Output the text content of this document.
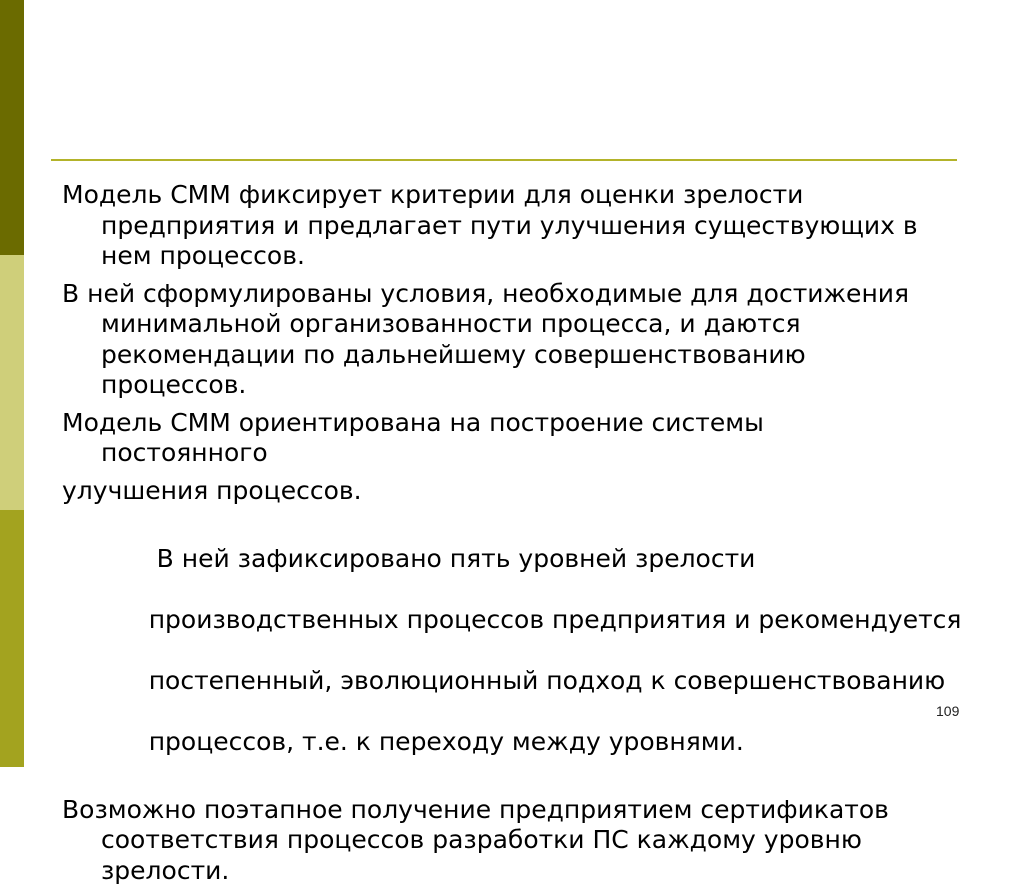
Модель СММ фиксирует критерии для оценки зрелости
предприятия и предлагает пути улучшения существующих в
нем процессов.

В ней сформулированы условия, необходимые для достижения
минимальной организованности процесса, и даются
рекомендации по дальнейшему совершенствованию
процессов.

Модель СММ ориентирована на построение системы
постоянного

улучшения процессов.

В ней зафиксировано пять уровней зрелости

производственных процессов предприятия и рекомендуется

постепенный, эволюционный подход к совершенствованию

процессов, т.е. к переходу между уровнями.

Возможно поэтапное получение предприятием сертификатов
соответствия процессов разработки ПС каждому уровню
зрелости.

109
